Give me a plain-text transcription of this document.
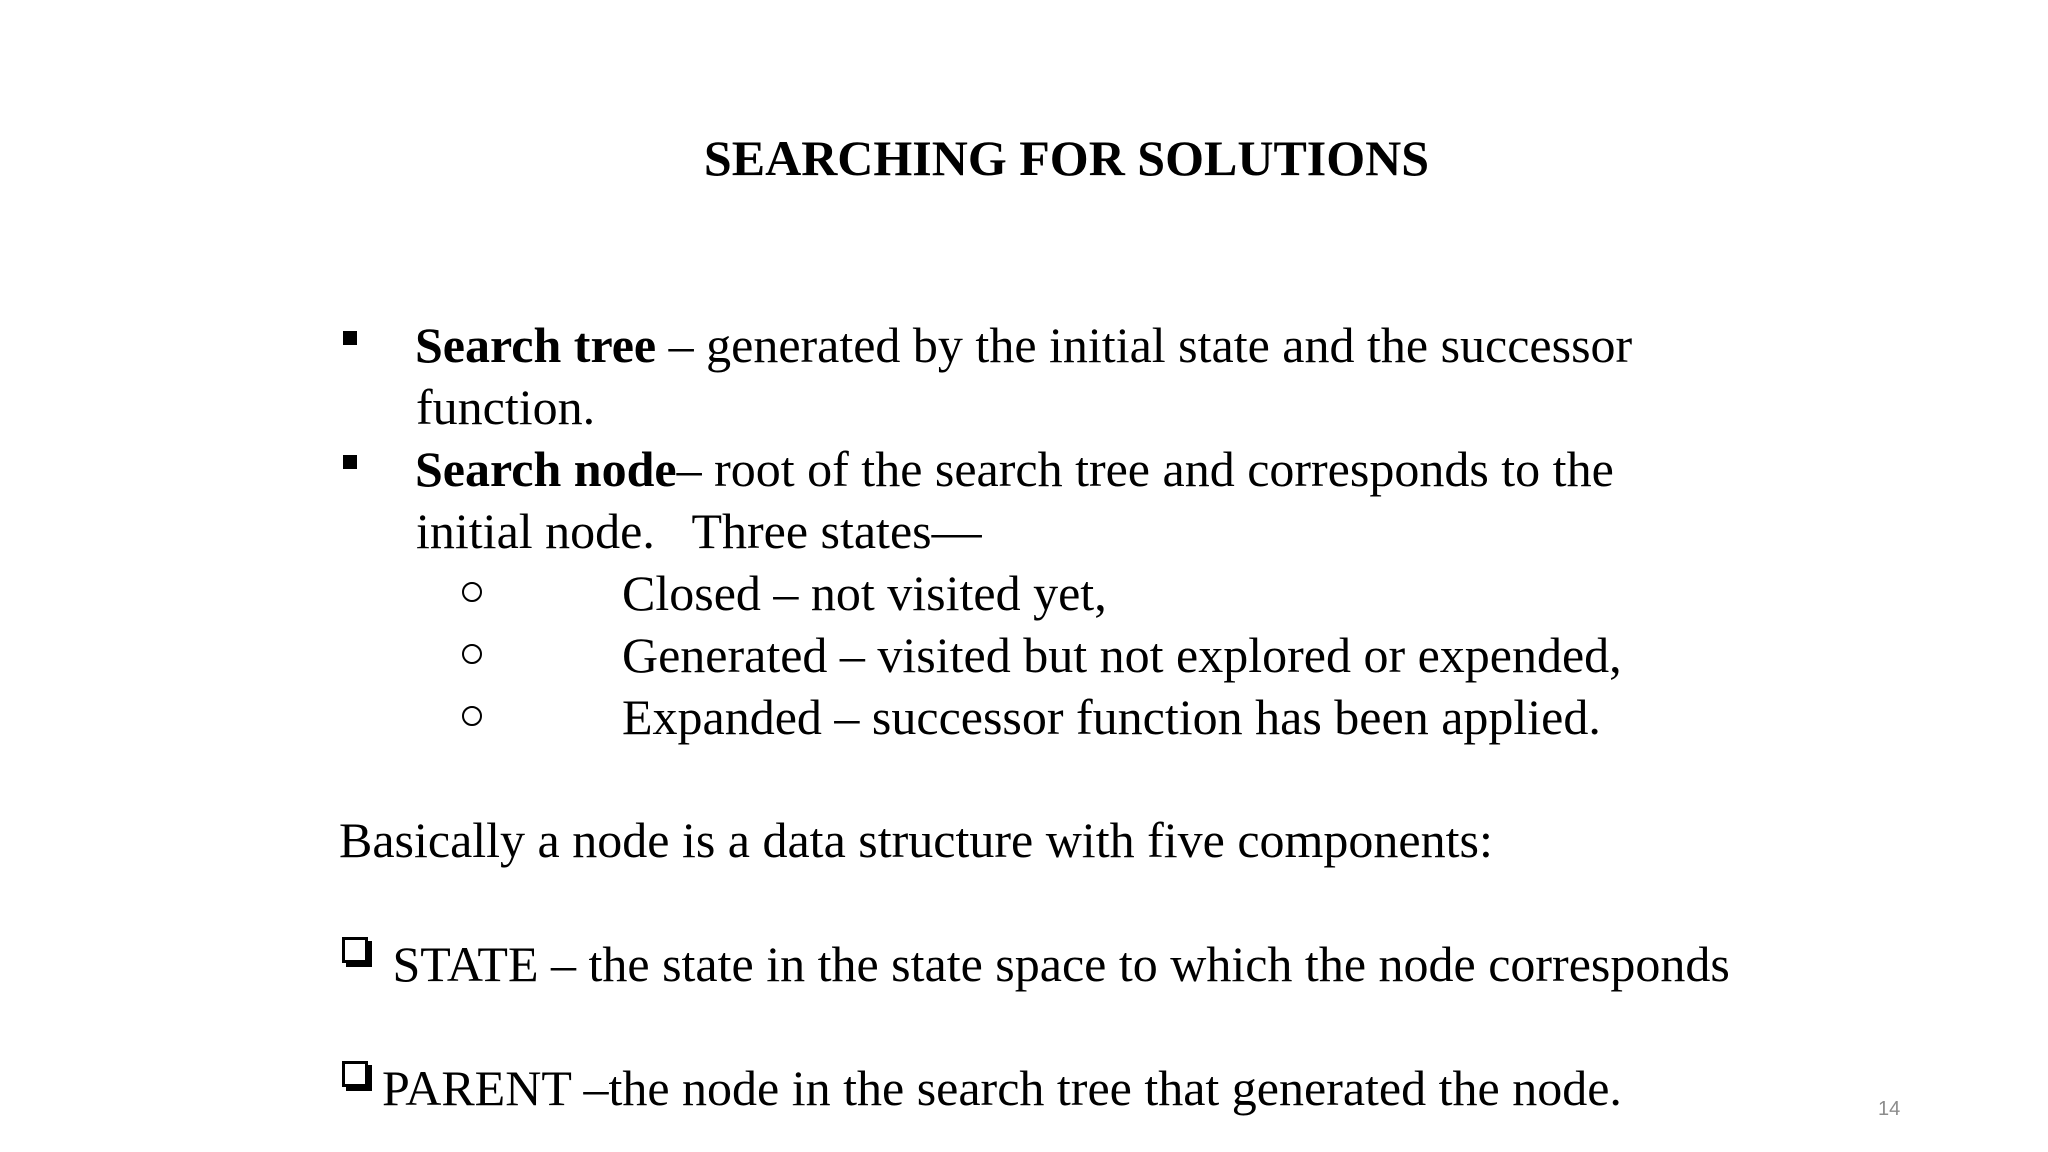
SEARCHING FOR SOLUTIONS

Search tree – generated by the initial state and the successor

function.

Search node– root of the search tree and corresponds to the

initial node.   Three states—

Closed – not visited yet,

Generated – visited but not explored or expended,

Expanded – successor function has been applied.

Basically a node is a data structure with five components:

STATE – the state in the state space to which the node corresponds

PARENT –the node in the search tree that generated the node.	14
